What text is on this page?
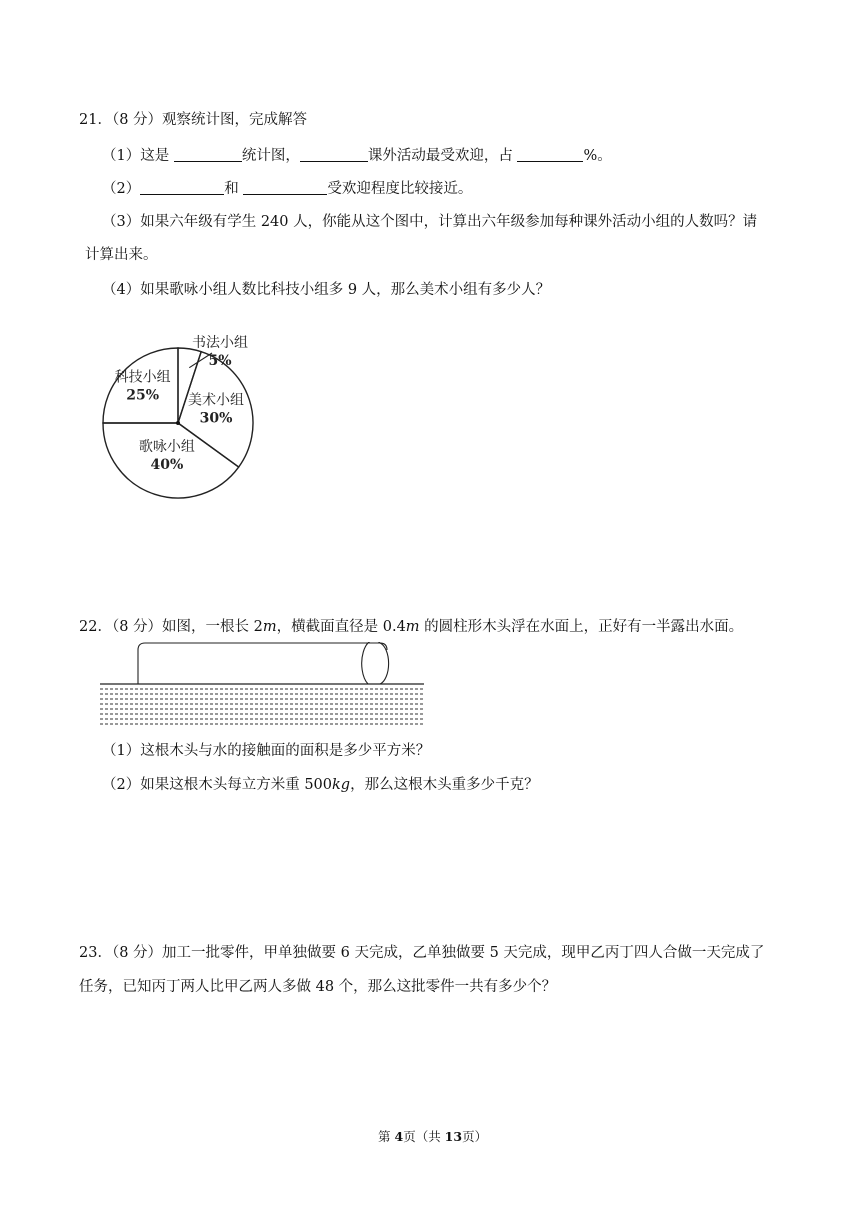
21．（8 分）观察统计图，完成解答
（1）这是	统计图，	课外活动最受欢迎，占	%。
（2）	和	受欢迎程度比较接近。
（3）如果六年级有学生 240 人，你能从这个图中，计算出六年级参加每种课外活动小组的人数吗？请
计算出来。
（4）如果歌咏小组人数比科技小组多 9 人，那么美术小组有多少人？
书法小组
5%
美术小组
30%
歌咏小组
40%
科技小组
25%
22．（8 分）如图，一根长 2m，横截面直径是 0.4m 的圆柱形木头浮在水面上，正好有一半露出水面。
（1）这根木头与水的接触面的面积是多少平方米？
（2）如果这根木头每立方米重 500kg，那么这根木头重多少千克？
23．（8 分）加工一批零件，甲单独做要 6 天完成，乙单独做要 5 天完成，现甲乙丙丁四人合做一天完成了
任务，已知丙丁两人比甲乙两人多做 48 个，那么这批零件一共有多少个？
第 4页（共 13页）
